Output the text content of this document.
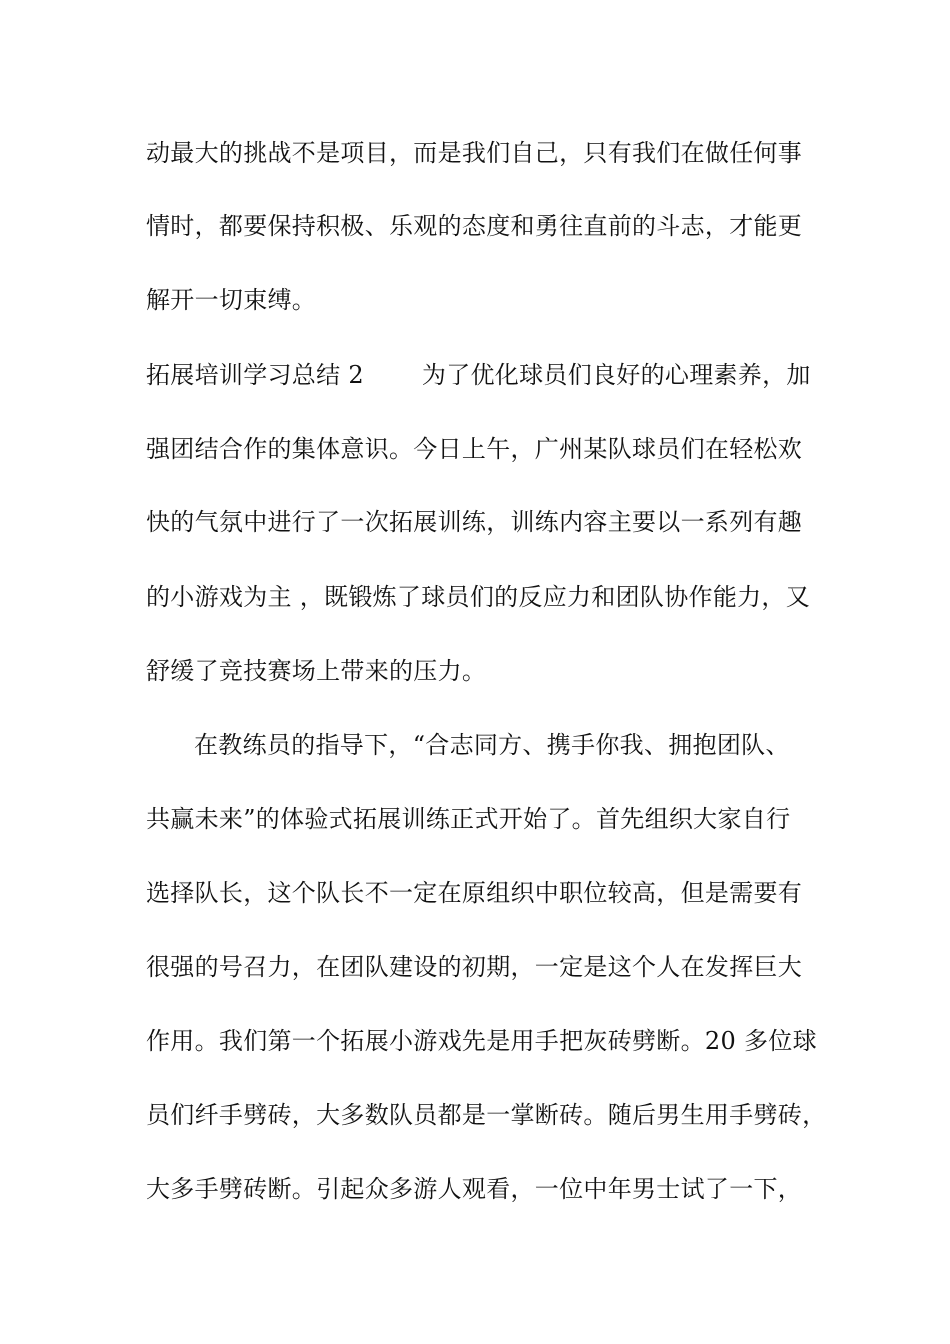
动最大的挑战不是项目，而是我们自己，只有我们在做任何事
情时，都要保持积极、乐观的态度和勇往直前的斗志，才能更
解开一切束缚。
拓展培训学习总结 2 为了优化球员们良好的心理素养，加
强团结合作的集体意识。今日上午，广州某队球员们在轻松欢
快的气氛中进行了一次拓展训练，训练内容主要以一系列有趣
的小游戏为主 ，既锻炼了球员们的反应力和团队协作能力，又
舒缓了竞技赛场上带来的压力。
在教练员的指导下，“合志同方、携手你我、拥抱团队、
共赢未来”的体验式拓展训练正式开始了。首先组织大家自行
选择队长，这个队长不一定在原组织中职位较高，但是需要有
很强的号召力，在团队建设的初期，一定是这个人在发挥巨大
作用。我们第一个拓展小游戏先是用手把灰砖劈断。20 多位球
员们纤手劈砖，大多数队员都是一掌断砖。随后男生用手劈砖，
大多手劈砖断。引起众多游人观看，一位中年男士试了一下，
